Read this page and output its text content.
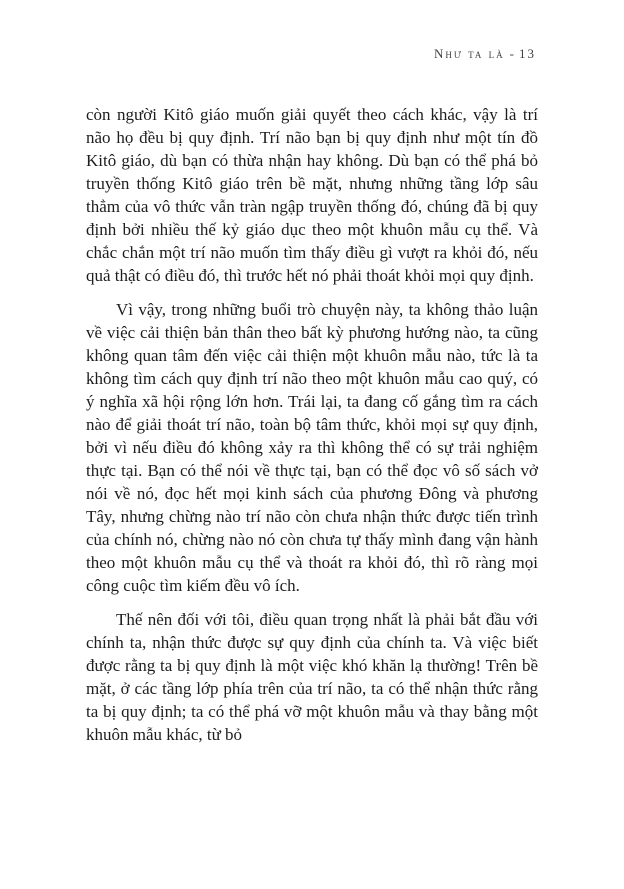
Như ta là - 13

còn người Kitô giáo muốn giải quyết theo cách khác, vậy là trí não họ đều bị quy định. Trí não bạn bị quy định như một tín đồ Kitô giáo, dù bạn có thừa nhận hay không. Dù bạn có thể phá bỏ truyền thống Kitô giáo trên bề mặt, nhưng những tầng lớp sâu thẳm của vô thức vẫn tràn ngập truyền thống đó, chúng đã bị quy định bởi nhiều thế kỷ giáo dục theo một khuôn mẫu cụ thể. Và chắc chắn một trí não muốn tìm thấy điều gì vượt ra khỏi đó, nếu quả thật có điều đó, thì trước hết nó phải thoát khỏi mọi quy định.

Vì vậy, trong những buổi trò chuyện này, ta không thảo luận về việc cải thiện bản thân theo bất kỳ phương hướng nào, ta cũng không quan tâm đến việc cải thiện một khuôn mẫu nào, tức là ta không tìm cách quy định trí não theo một khuôn mẫu cao quý, có ý nghĩa xã hội rộng lớn hơn. Trái lại, ta đang cố gắng tìm ra cách nào để giải thoát trí não, toàn bộ tâm thức, khỏi mọi sự quy định, bởi vì nếu điều đó không xảy ra thì không thể có sự trải nghiệm thực tại. Bạn có thể nói về thực tại, bạn có thể đọc vô số sách vở nói về nó, đọc hết mọi kinh sách của phương Đông và phương Tây, nhưng chừng nào trí não còn chưa nhận thức được tiến trình của chính nó, chừng nào nó còn chưa tự thấy mình đang vận hành theo một khuôn mẫu cụ thể và thoát ra khỏi đó, thì rõ ràng mọi công cuộc tìm kiếm đều vô ích.

Thế nên đối với tôi, điều quan trọng nhất là phải bắt đầu với chính ta, nhận thức được sự quy định của chính ta. Và việc biết được rằng ta bị quy định là một việc khó khăn lạ thường! Trên bề mặt, ở các tầng lớp phía trên của trí não, ta có thể nhận thức rằng ta bị quy định; ta có thể phá vỡ một khuôn mẫu và thay bằng một khuôn mẫu khác, từ bỏ
